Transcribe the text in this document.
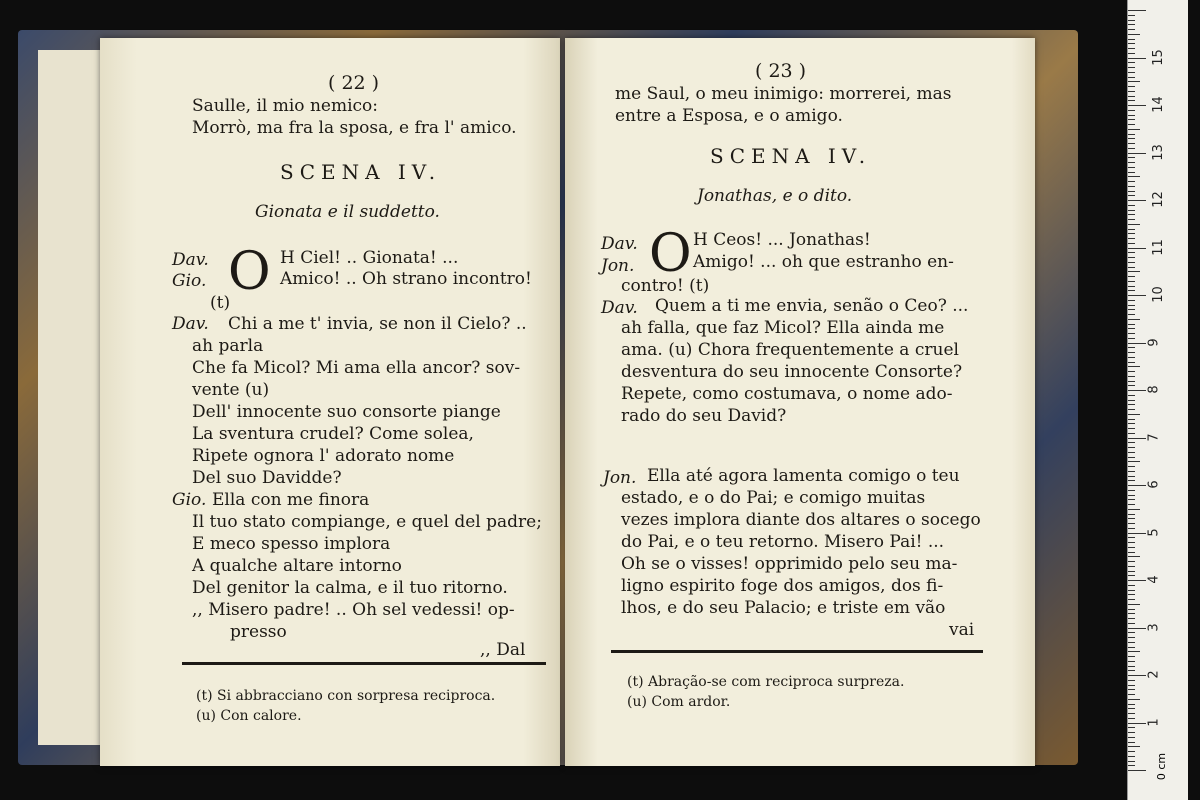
( 22 )
Saulle, il mio nemico:
Morrò, ma fra la sposa, e fra l' amico.
SCENA IV.
Gionata e il suddetto.
O
Dav.	H Ciel! .. Gionata! ...
Gio.	Amico! .. Oh strano incontro!
(t)
Dav. Chi a me t' invia, se non il Cielo? ..
ah parla
Che fa Micol? Mi ama ella ancor? sov-
vente (u)
Dell' innocente suo consorte piange
La sventura crudel? Come solea,
Ripete ognora l' adorato nome
Del suo Davidde?
Gio. Ella con me finora
Il tuo stato compiange, e quel del padre;
E meco spesso implora
A qualche altare intorno
Del genitor la calma, e il tuo ritorno.
,, Misero padre! .. Oh sel vedessi! op-
presso
,, Dal
(t) Si abbracciano con sorpresa reciproca.
(u) Con calore.
( 23 )
me Saul, o meu inimigo: morrerei, mas
entre a Esposa, e o amigo.
SCENA IV.
Jonathas, e o dito.
O
Dav.	H Ceos! ... Jonathas!
Jon.	Amigo! ... oh que estranho en-
contro! (t)
Dav. Quem a ti me envia, senão o Ceo? ...
ah falla, que faz Micol? Ella ainda me
ama. (u) Chora frequentemente a cruel
desventura do seu innocente Consorte?
Repete, como costumava, o nome ado-
rado do seu David?
Jon. Ella até agora lamenta comigo o teu
estado, e o do Pai; e comigo muitas
vezes implora diante dos altares o socego
do Pai, e o teu retorno. Misero Pai! ...
Oh se o visses! opprimido pelo seu ma-
ligno espirito foge dos amigos, dos fi-
lhos, e do seu Palacio; e triste em vão
vai
(t) Abração-se com reciproca surpreza.
(u) Com ardor.
0 cm
1
2
3
4
5
6
7
8
9
10
11
12
13
14
15
